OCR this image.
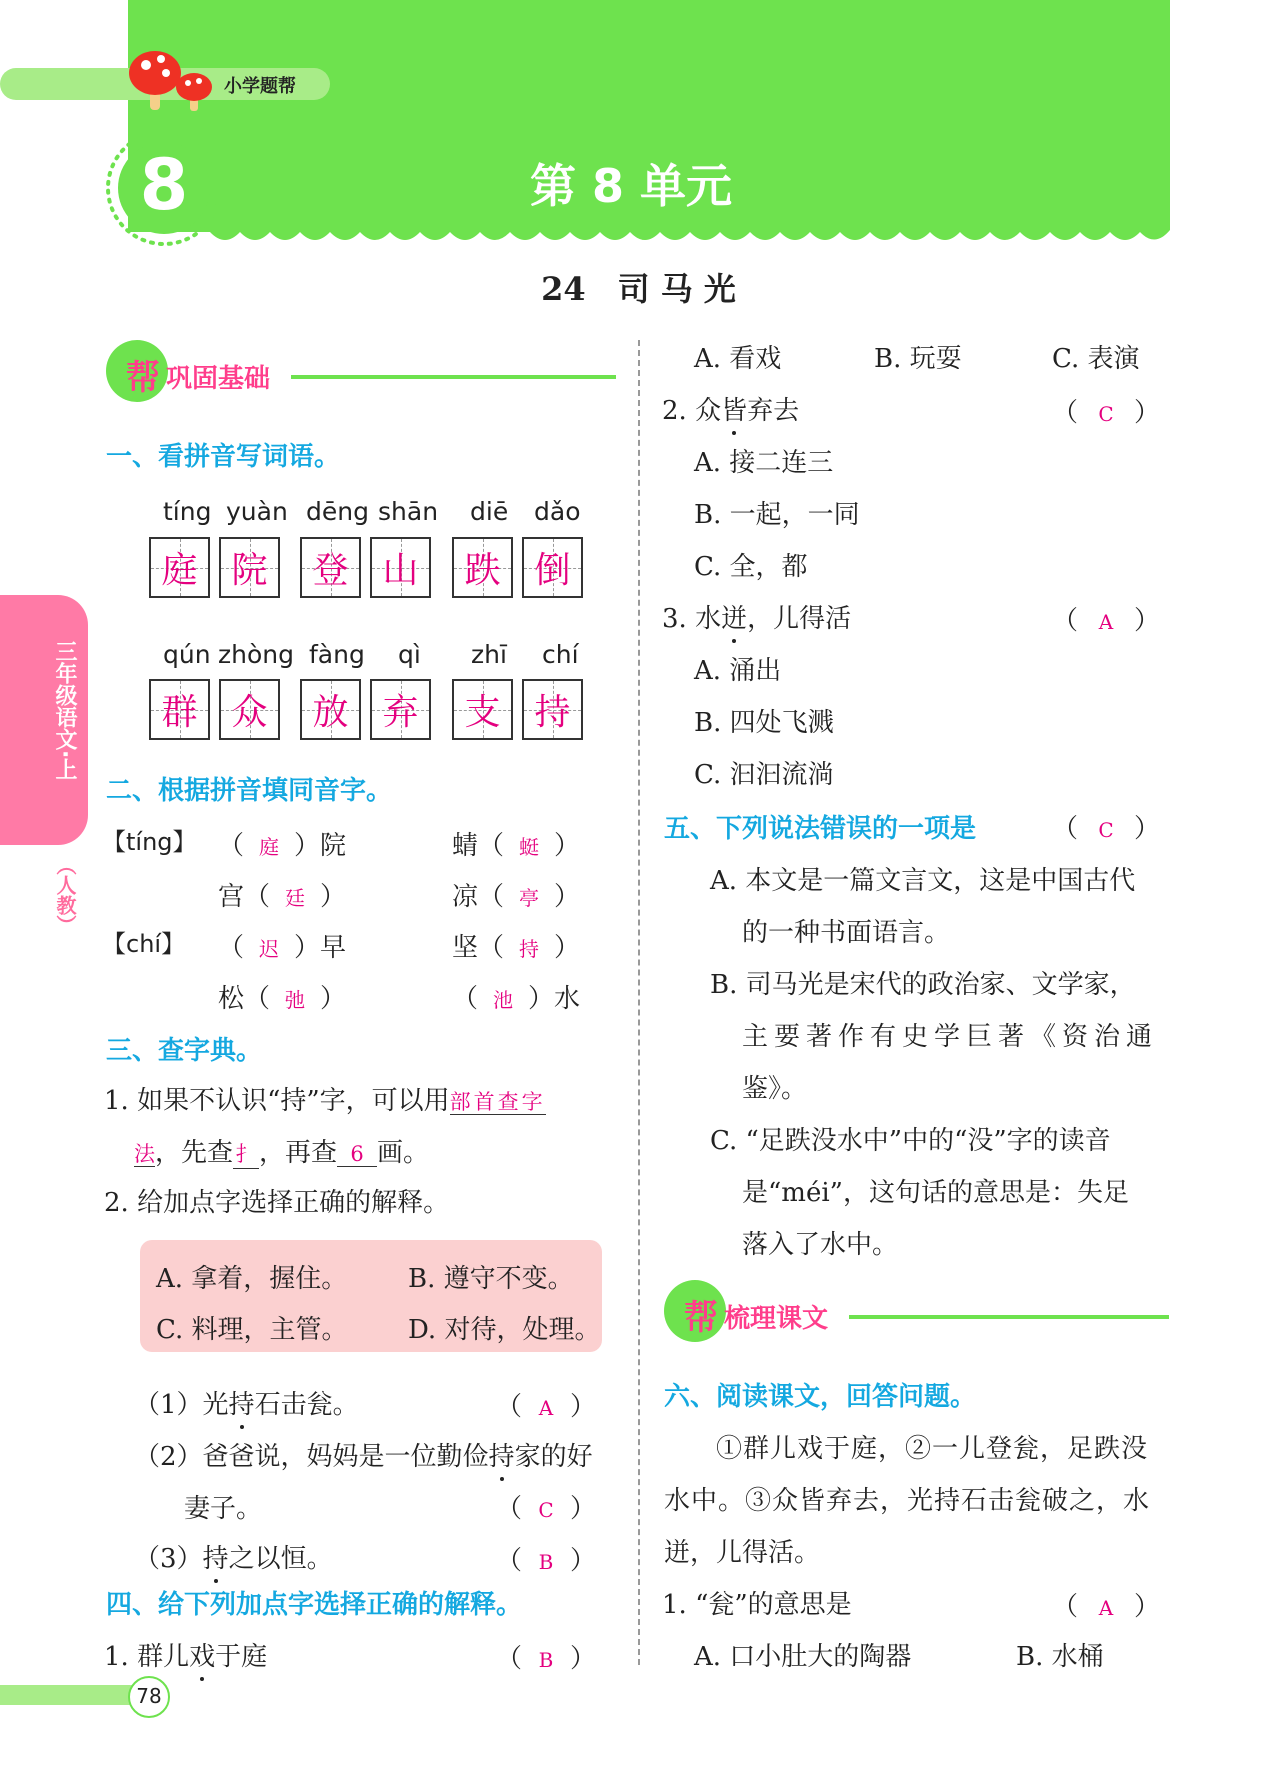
小学题帮
8	第 8 单元
24　司 马 光
三年级语文·上
（人教）
帮 巩固基础
一、看拼音写词语。
tíng yuàn dēng shān diē dǎo
庭 院 登 山 跌 倒
qún zhòng fàng qì zhī chí
群 众 放 弃 支 持
二、根据拼音填同音字。
【tíng】 （ 庭 ）院	蜻（ 蜓 ）
宫（ 廷 ）	凉（ 亭 ）
【chí】 （ 迟 ）早	坚（ 持 ）
松（ 弛 ）	（ 池 ）水
三、查字典。
1. 如果不认识“持”字，可以用部首查字
法，先查 扌，再查 6 画。
2. 给加点字选择正确的解释。
A. 拿着，握住。 B. 遵守不变。
C. 料理，主管。 D. 对待，处理。
（1）光持石击瓮。	（ A ）
（2）爸爸说，妈妈是一位勤俭持家的好
妻子。	（ C ）
（3）持之以恒。	（ B ）
四、给下列加点字选择正确的解释。
1. 群儿戏于庭	（ B ）
78
A. 看戏	B. 玩耍	C. 表演
2. 众皆弃去	（ C ）
A. 接二连三
B. 一起，一同
C. 全，都
3. 水迸，儿得活	（ A ）
A. 涌出
B. 四处飞溅
C. 汩汩流淌
五、下列说法错误的一项是	（ C ）
A. 本文是一篇文言文，这是中国古代
的一种书面语言。
B. 司马光是宋代的政治家、文学家，
主要著作有史学巨著《资治通
鉴》。
C. “足跌没水中”中的“没”字的读音
是“méi”，这句话的意思是：失足
落入了水中。
帮 梳理课文
六、阅读课文，回答问题。
①群儿戏于庭，②一儿登瓮，足跌没
水中。③众皆弃去，光持石击瓮破之，水
迸，儿得活。
1. “瓮”的意思是	（ A ）
A. 口小肚大的陶器	B. 水桶
